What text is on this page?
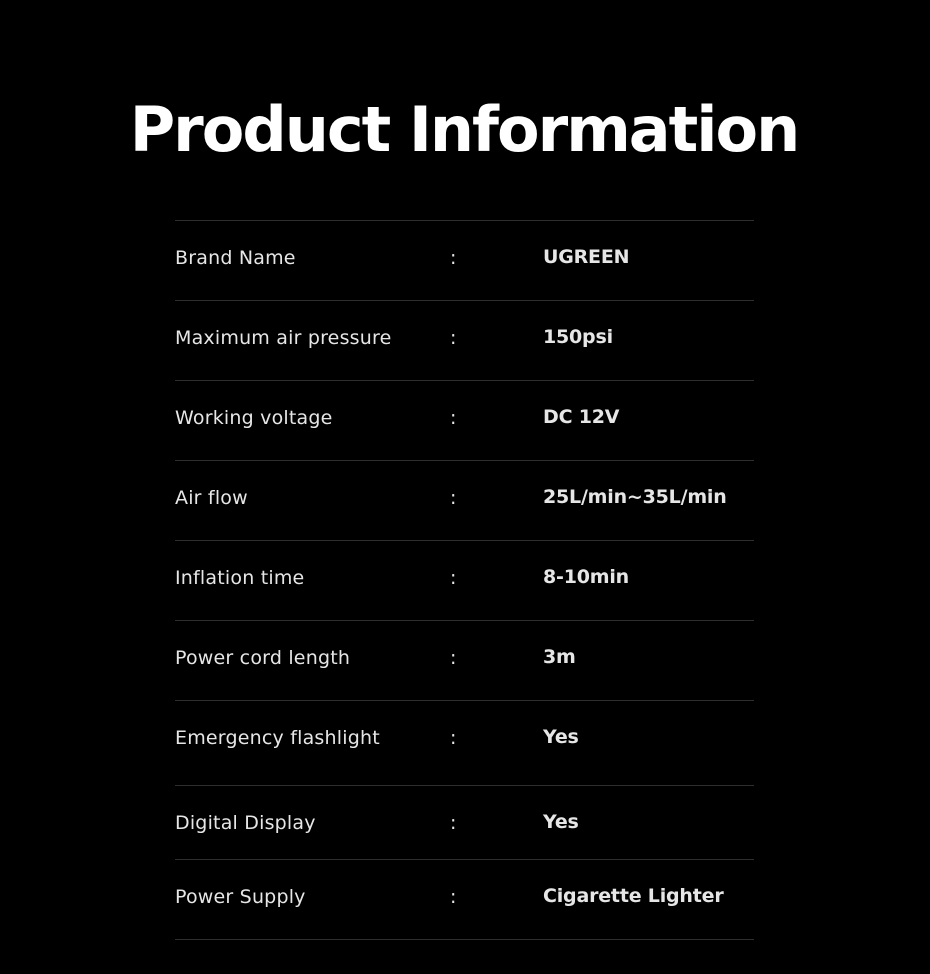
Product Information
Brand Name	:	UGREEN
Maximum air pressure	:	150psi
Working voltage	:	DC 12V
Air flow	:	25L/min~35L/min
Inflation time	:	8-10min
Power cord length	:	3m
Emergency flashlight	:	Yes
Digital Display	:	Yes
Power Supply	:	Cigarette Lighter
